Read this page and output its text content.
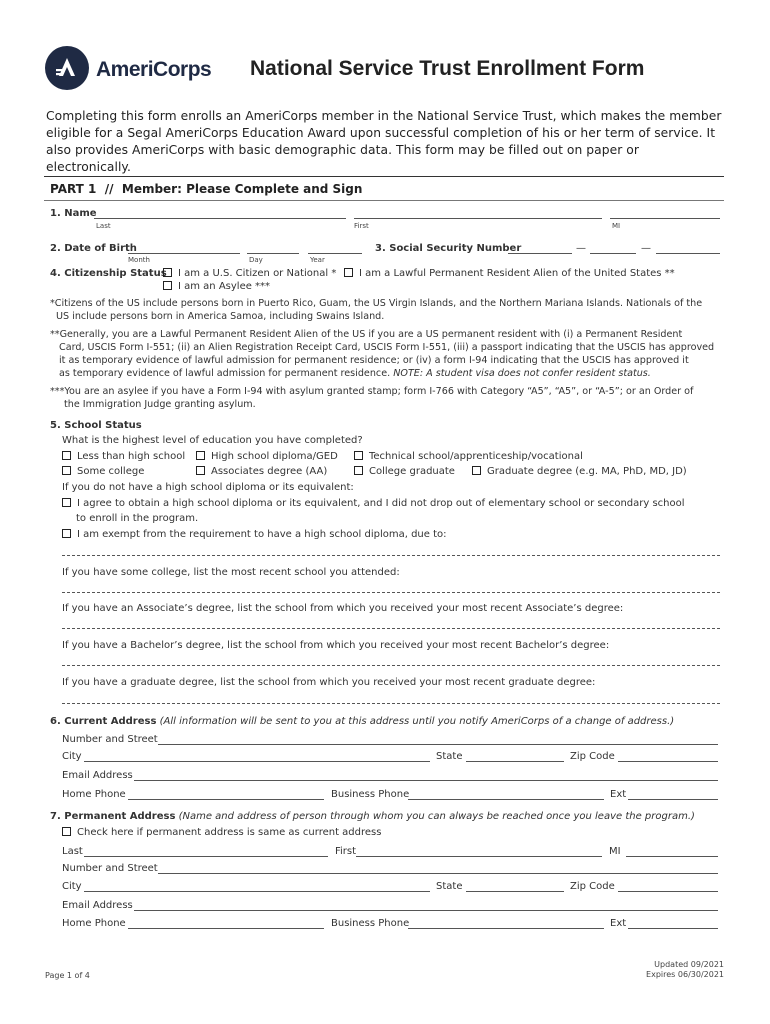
AmeriCorps National Service Trust Enrollment Form
Completing this form enrolls an AmeriCorps member in the National Service Trust, which makes the member eligible for a Segal AmeriCorps Education Award upon successful completion of his or her term of service. It also provides AmeriCorps with basic demographic data. This form may be filled out on paper or electronically.
PART 1  //  Member: Please Complete and Sign
1. Name
Last	First	MI
2. Date of Birth
Month	Day	Year
3. Social Security Number	—	—
4. Citizenship Status	I am a U.S. Citizen or National *	I am a Lawful Permanent Resident Alien of the United States **
I am an Asylee ***
*Citizens of the US include persons born in Puerto Rico, Guam, the US Virgin Islands, and the Northern Mariana Islands. Nationals of the
US include persons born in America Samoa, including Swains Island.
**Generally, you are a Lawful Permanent Resident Alien of the US if you are a US permanent resident with (i) a Permanent Resident
Card, USCIS Form I-551; (ii) an Alien Registration Receipt Card, USCIS Form I-551, (iii) a passport indicating that the USCIS has approved
it as temporary evidence of lawful admission for permanent residence; or (iv) a form I-94 indicating that the USCIS has approved it
as temporary evidence of lawful admission for permanent residence. NOTE: A student visa does not confer resident status.
***You are an asylee if you have a Form I-94 with asylum granted stamp; form I-766 with Category “A5”, “A5”, or “A-5”; or an Order of
the Immigration Judge granting asylum.
5. School Status
What is the highest level of education you have completed?
Less than high school	High school diploma/GED	Technical school/apprenticeship/vocational
Some college	Associates degree (AA)	College graduate	Graduate degree (e.g. MA, PhD, MD, JD)
If you do not have a high school diploma or its equivalent:
I agree to obtain a high school diploma or its equivalent, and I did not drop out of elementary school or secondary school
to enroll in the program.
I am exempt from the requirement to have a high school diploma, due to:
If you have some college, list the most recent school you attended:
If you have an Associate’s degree, list the school from which you received your most recent Associate’s degree:
If you have a Bachelor’s degree, list the school from which you received your most recent Bachelor’s degree:
If you have a graduate degree, list the school from which you received your most recent graduate degree:
6. Current Address (All information will be sent to you at this address until you notify AmeriCorps of a change of address.)
Number and Street
City	State	Zip Code
Email Address
Home Phone	Business Phone	Ext
7. Permanent Address (Name and address of person through whom you can always be reached once you leave the program.)
Check here if permanent address is same as current address
Last	First	MI
Number and Street
City	State	Zip Code
Email Address
Home Phone	Business Phone	Ext
Page 1 of 4
Updated 09/2021
Expires 06/30/2021
